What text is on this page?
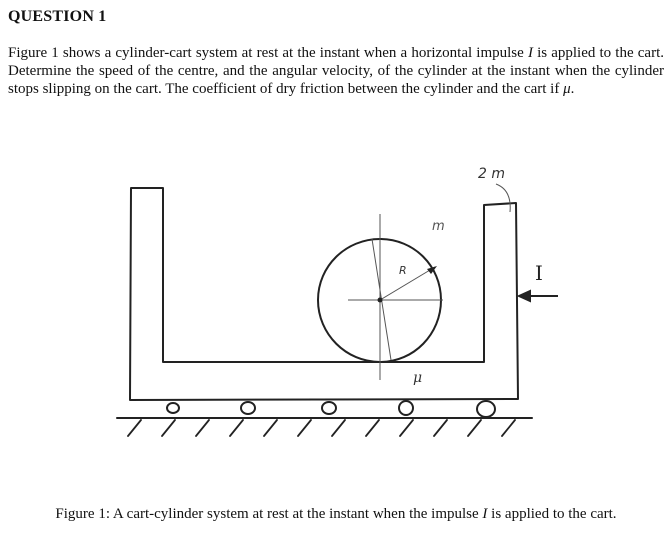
QUESTION 1
Figure 1 shows a cylinder-cart system at rest at the instant when a horizontal impulse I is applied to the cart. Determine the speed of the centre, and the angular velocity, of the cylinder at the instant when the cylinder stops slipping on the cart. The coefficient of dry friction between the cylinder and the cart if μ.
2 m
m
R
μ
I
Figure 1: A cart-cylinder system at rest at the instant when the impulse I is applied to the cart.
